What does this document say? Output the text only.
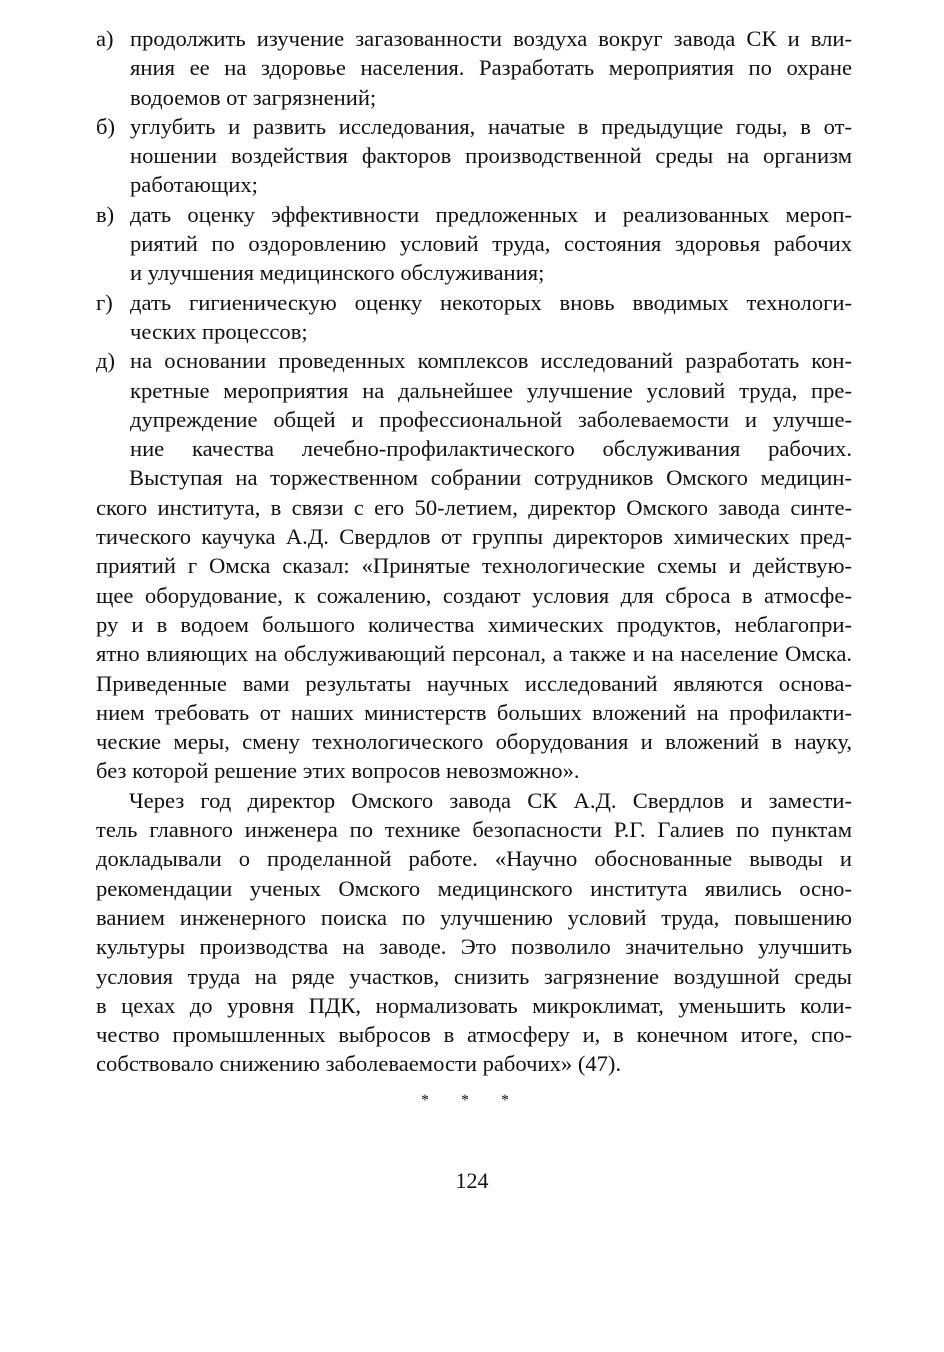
а) продолжить изучение загазованности воздуха вокруг завода СК и вли-
яния ее на здоровье населения. Разработать мероприятия по охране
водоемов от загрязнений;
б) углубить и развить исследования, начатые в предыдущие годы, в от-
ношении воздействия факторов производственной среды на организм
работающих;
в) дать оценку эффективности предложенных и реализованных мероп-
риятий по оздоровлению условий труда, состояния здоровья рабочих
и улучшения медицинского обслуживания;
г) дать гигиеническую оценку некоторых вновь вводимых технологи-
ческих процессов;
д) на основании проведенных комплексов исследований разработать кон-
кретные мероприятия на дальнейшее улучшение условий труда, пре-
дупреждение общей и профессиональной заболеваемости и улучше-
ние качества лечебно-профилактического обслуживания рабочих.
Выступая на торжественном собрании сотрудников Омского медицин-
ского института, в связи с его 50-летием, директор Омского завода синте-
тического каучука А.Д. Свердлов от группы директоров химических пред-
приятий г Омска сказал: «Принятые технологические схемы и действую-
щее оборудование, к сожалению, создают условия для сброса в атмосфе-
ру и в водоем большого количества химических продуктов, неблагопри-
ятно влияющих на обслуживающий персонал, а также и на население Омска.
Приведенные вами результаты научных исследований являются основа-
нием требовать от наших министерств больших вложений на профилакти-
ческие меры, смену технологического оборудования и вложений в науку,
без которой решение этих вопросов невозможно».
Через год директор Омского завода СК А.Д. Свердлов и замести-
тель главного инженера по технике безопасности Р.Г. Галиев по пунктам
докладывали о проделанной работе. «Научно обоснованные выводы и
рекомендации ученых Омского медицинского института явились осно-
ванием инженерного поиска по улучшению условий труда, повышению
культуры производства на заводе. Это позволило значительно улучшить
условия труда на ряде участков, снизить загрязнение воздушной среды
в цехах до уровня ПДК, нормализовать микроклимат, уменьшить коли-
чество промышленных выбросов в атмосферу и, в конечном итоге, спо-
собствовало снижению заболеваемости рабочих» (47).
* * *
124
